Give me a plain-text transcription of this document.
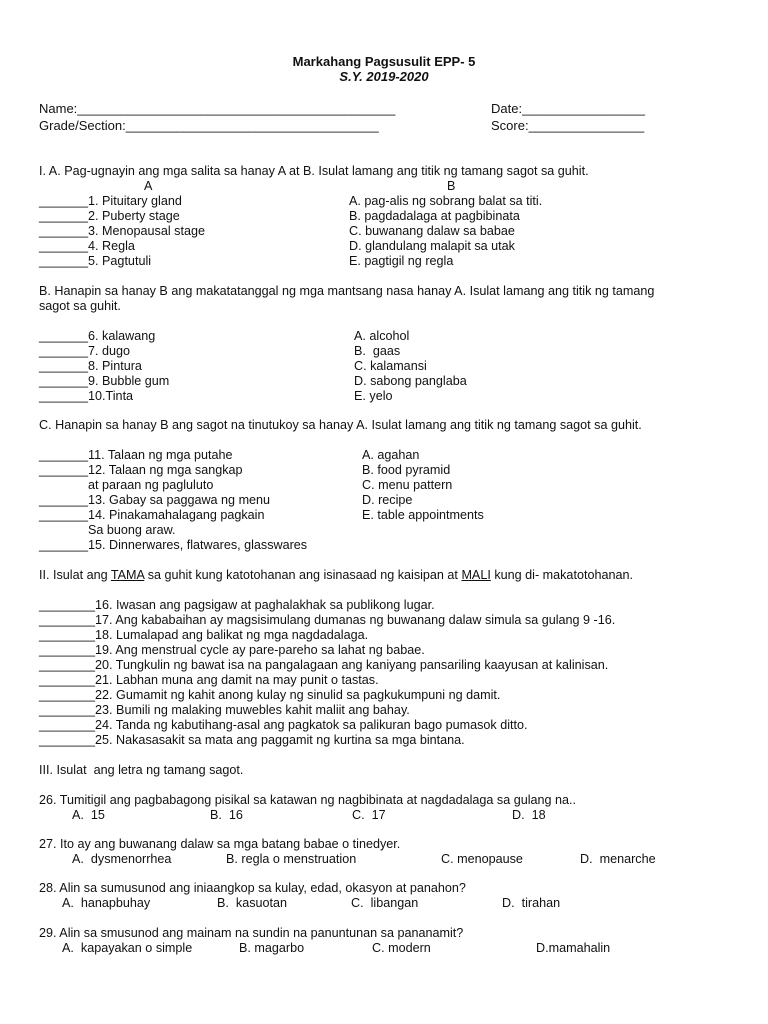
Markahang Pagsusulit EPP- 5
S.Y. 2019-2020
Name:____________________________________________
Grade/Section:___________________________________
Date:_________________
Score:________________
I. A. Pag-ugnayin ang mga salita sa hanay A at B. Isulat lamang ang titik ng tamang sagot sa guhit.
A	B
B. Hanapin sa hanay B ang makatatanggal ng mga mantsang nasa hanay A. Isulat lamang ang titik ng tamang
sagot sa guhit.
C. Hanapin sa hanay B ang sagot na tinutukoy sa hanay A. Isulat lamang ang titik ng tamang sagot sa guhit.
II. Isulat ang TAMA sa guhit kung katotohanan ang isinasaad ng kaisipan at MALI kung di- makatotohanan.
III. Isulat  ang letra ng tamang sagot.
_______1. Pituitary gland	A. pag-alis ng sobrang balat sa titi.
_______2. Puberty stage	B. pagdadalaga at pagbibinata
_______3. Menopausal stage	C. buwanang dalaw sa babae
_______4. Regla	D. glandulang malapit sa utak
_______5. Pagtutuli	E. pagtigil ng regla
_______6. kalawang	A. alcohol
_______7. dugo	B.  gaas
_______8. Pintura	C. kalamansi
_______9. Bubble gum	D. sabong panglaba
_______10.Tinta	E. yelo
_______11. Talaan ng mga putahe	A. agahan
_______12. Talaan ng mga sangkap	B. food pyramid
at paraan ng pagluluto	C. menu pattern
_______13. Gabay sa paggawa ng menu	D. recipe
_______14. Pinakamahalagang pagkain	E. table appointments
Sa buong araw.
_______15. Dinnerwares, flatwares, glasswares
________16. Iwasan ang pagsigaw at paghalakhak sa publikong lugar.
________17. Ang kababaihan ay magsisimulang dumanas ng buwanang dalaw simula sa gulang 9 -16.
________18. Lumalapad ang balikat ng mga nagdadalaga.
________19. Ang menstrual cycle ay pare-pareho sa lahat ng babae.
________20. Tungkulin ng bawat isa na pangalagaan ang kaniyang pansariling kaayusan at kalinisan.
________21. Labhan muna ang damit na may punit o tastas.
________22. Gumamit ng kahit anong kulay ng sinulid sa pagkukumpuni ng damit.
________23. Bumili ng malaking muwebles kahit maliit ang bahay.
________24. Tanda ng kabutihang-asal ang pagkatok sa palikuran bago pumasok ditto.
________25. Nakasasakit sa mata ang paggamit ng kurtina sa mga bintana.
26. Tumitigil ang pagbabagong pisikal sa katawan ng nagbibinata at nagdadalaga sa gulang na..
A.  15	B.  16	C.  17	D.  18
27. Ito ay ang buwanang dalaw sa mga batang babae o tinedyer.
A.  dysmenorrhea	B. regla o menstruation	C. menopause	D.  menarche
28. Alin sa sumusunod ang iniaangkop sa kulay, edad, okasyon at panahon?
A.  hanapbuhay	B.  kasuotan	C.  libangan	D.  tirahan
29. Alin sa smusunod ang mainam na sundin na panuntunan sa pananamit?
A.  kapayakan o simple	B. magarbo	C. modern	D.mamahalin
